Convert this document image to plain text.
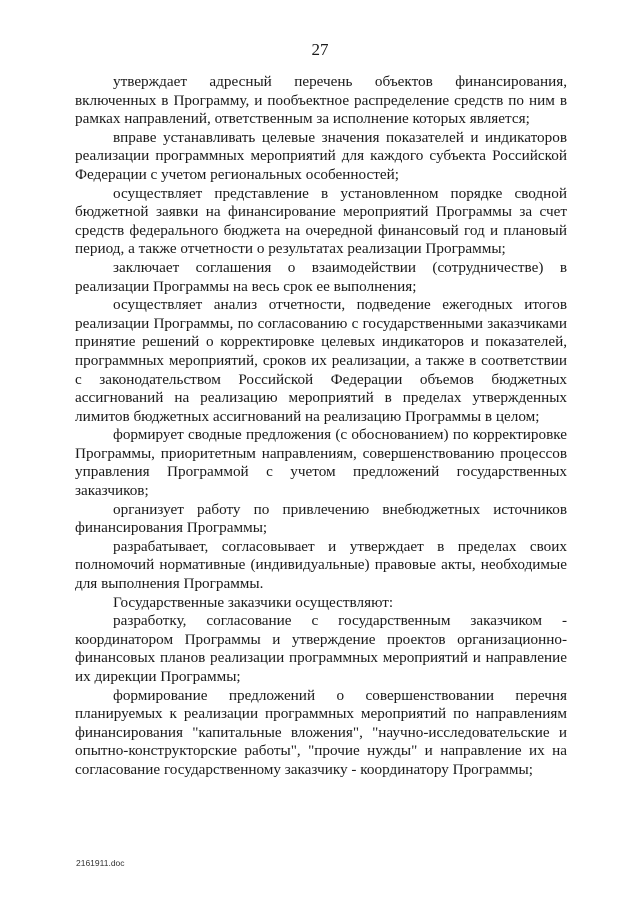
27

утверждает адресный перечень объектов финансирования, включенных в Программу, и пообъектное распределение средств по ним в рамках направлений, ответственным за исполнение которых является;

вправе устанавливать целевые значения показателей и индикаторов реализации программных мероприятий для каждого субъекта Российской Федерации с учетом региональных особенностей;

осуществляет представление в установленном порядке сводной бюджетной заявки на финансирование мероприятий Программы за счет средств федерального бюджета на очередной финансовый год и плановый период, а также отчетности о результатах реализации Программы;

заключает соглашения о взаимодействии (сотрудничестве) в реализации Программы на весь срок ее выполнения;

осуществляет анализ отчетности, подведение ежегодных итогов реализации Программы, по согласованию с государственными заказчиками принятие решений о корректировке целевых индикаторов и показателей, программных мероприятий, сроков их реализации, а также в соответствии с законодательством Российской Федерации объемов бюджетных ассигнований на реализацию мероприятий в пределах утвержденных лимитов бюджетных ассигнований на реализацию Программы в целом;

формирует сводные предложения (с обоснованием) по корректировке Программы, приоритетным направлениям, совершенствованию процессов управления Программой с учетом предложений государственных заказчиков;

организует работу по привлечению внебюджетных источников финансирования Программы;

разрабатывает, согласовывает и утверждает в пределах своих полномочий нормативные (индивидуальные) правовые акты, необходимые для выполнения Программы.

Государственные заказчики осуществляют:

разработку, согласование с государственным заказчиком - координатором Программы и утверждение проектов организационно-финансовых планов реализации программных мероприятий и направление их дирекции Программы;

формирование предложений о совершенствовании перечня планируемых к реализации программных мероприятий по направлениям финансирования "капитальные вложения", "научно-исследовательские и опытно-конструкторские работы", "прочие нужды" и направление их на согласование государственному заказчику - координатору Программы;

2161911.doc
